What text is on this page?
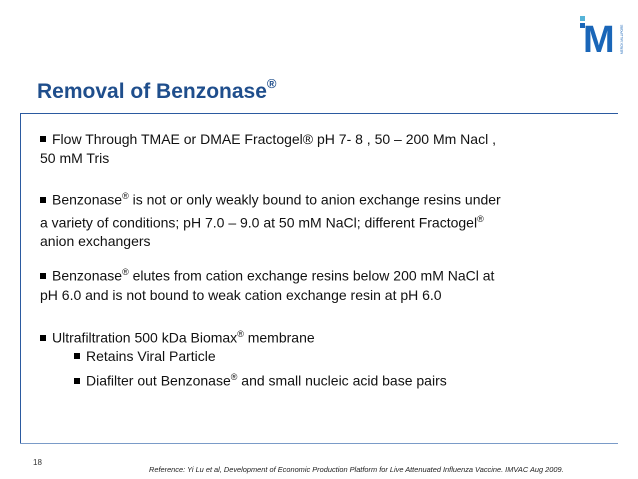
M MERCK MILLIPORE
Removal of Benzonase®
Flow Through TMAE or DMAE Fractogel® pH 7- 8 , 50 – 200 Mm Nacl ,
50 mM Tris
Benzonase® is not or only weakly bound to anion exchange resins under
a variety of conditions; pH 7.0 – 9.0 at 50 mM NaCl; different Fractogel®
anion exchangers
Benzonase® elutes from cation exchange resins below 200 mM NaCl at
pH 6.0 and is not bound to weak cation exchange resin at pH 6.0
Ultrafiltration 500 kDa Biomax® membrane
Retains Viral Particle
Diafilter out Benzonase® and small nucleic acid base pairs
18
Reference: Yi Lu et al, Development of Economic Production Platform for Live Attenuated Influenza Vaccine. IMVAC Aug 2009.
